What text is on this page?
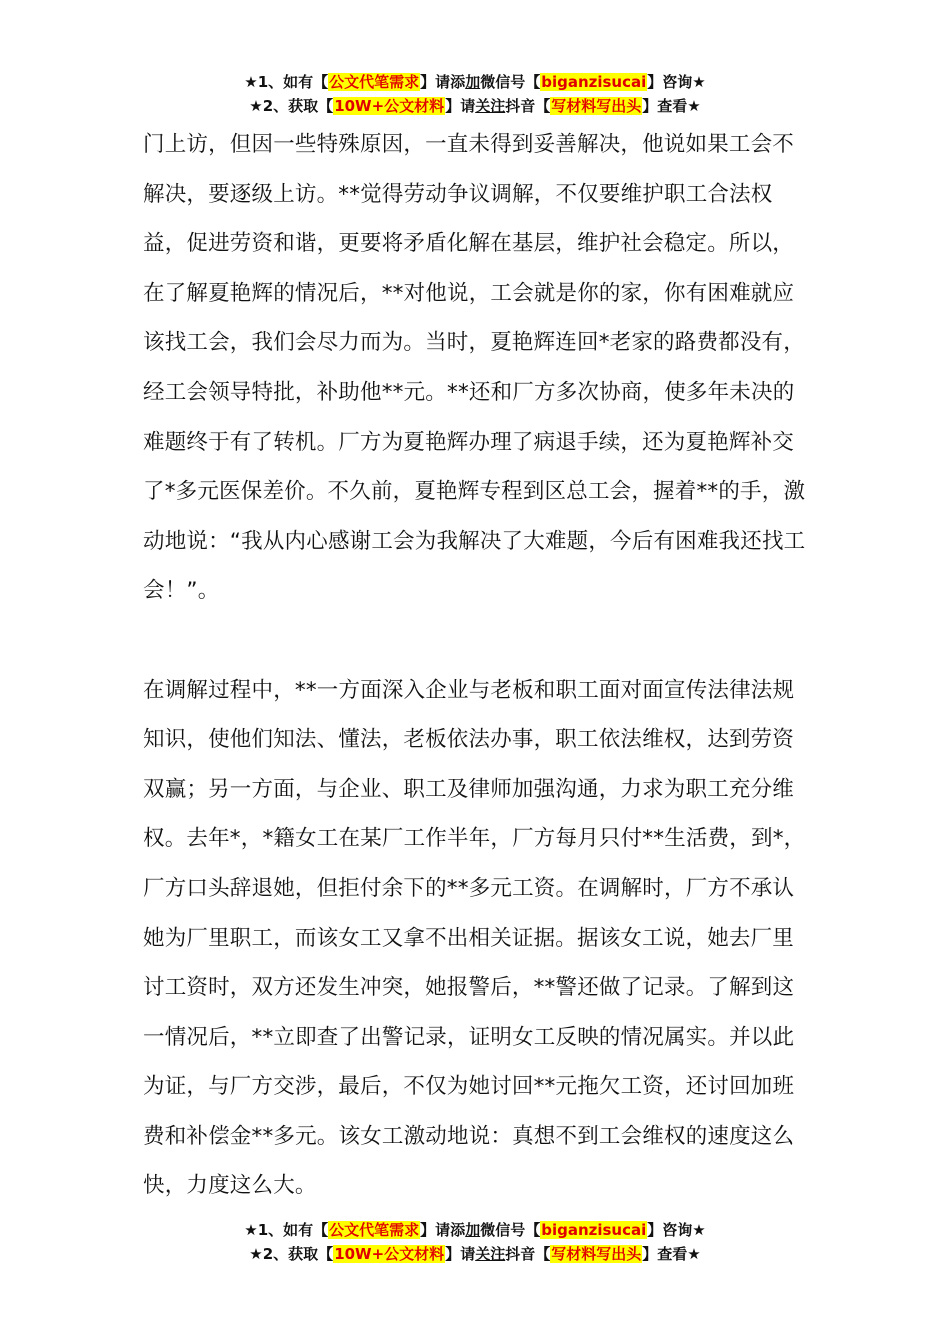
★1、如有【公文代笔需求】请添加微信号【biganzisucai】咨询★
★2、获取【10W+公文材料】请关注抖音【写材料写出头】查看★

门上访，但因一些特殊原因，一直未得到妥善解决，他说如果工会不解决，要逐级上访。**觉得劳动争议调解，不仅要维护职工合法权益，促进劳资和谐，更要将矛盾化解在基层，维护社会稳定。所以，在了解夏艳辉的情况后，**对他说，工会就是你的家，你有困难就应该找工会，我们会尽力而为。当时，夏艳辉连回*老家的路费都没有，经工会领导特批，补助他**元。**还和厂方多次协商，使多年未决的难题终于有了转机。厂方为夏艳辉办理了病退手续，还为夏艳辉补交了*多元医保差价。不久前，夏艳辉专程到区总工会，握着**的手，激动地说：“我从内心感谢工会为我解决了大难题，今后有困难我还找工会！”。

在调解过程中，**一方面深入企业与老板和职工面对面宣传法律法规知识，使他们知法、懂法，老板依法办事，职工依法维权，达到劳资双赢；另一方面，与企业、职工及律师加强沟通，力求为职工充分维权。去年*，*籍女工在某厂工作半年，厂方每月只付**生活费，到*，厂方口头辞退她，但拒付余下的**多元工资。在调解时，厂方不承认她为厂里职工，而该女工又拿不出相关证据。据该女工说，她去厂里讨工资时，双方还发生冲突，她报警后，**警还做了记录。了解到这一情况后，**立即查了出警记录，证明女工反映的情况属实。并以此为证，与厂方交涉，最后，不仅为她讨回**元拖欠工资，还讨回加班费和补偿金**多元。该女工激动地说：真想不到工会维权的速度这么快，力度这么大。

★1、如有【公文代笔需求】请添加微信号【biganzisucai】咨询★
★2、获取【10W+公文材料】请关注抖音【写材料写出头】查看★
